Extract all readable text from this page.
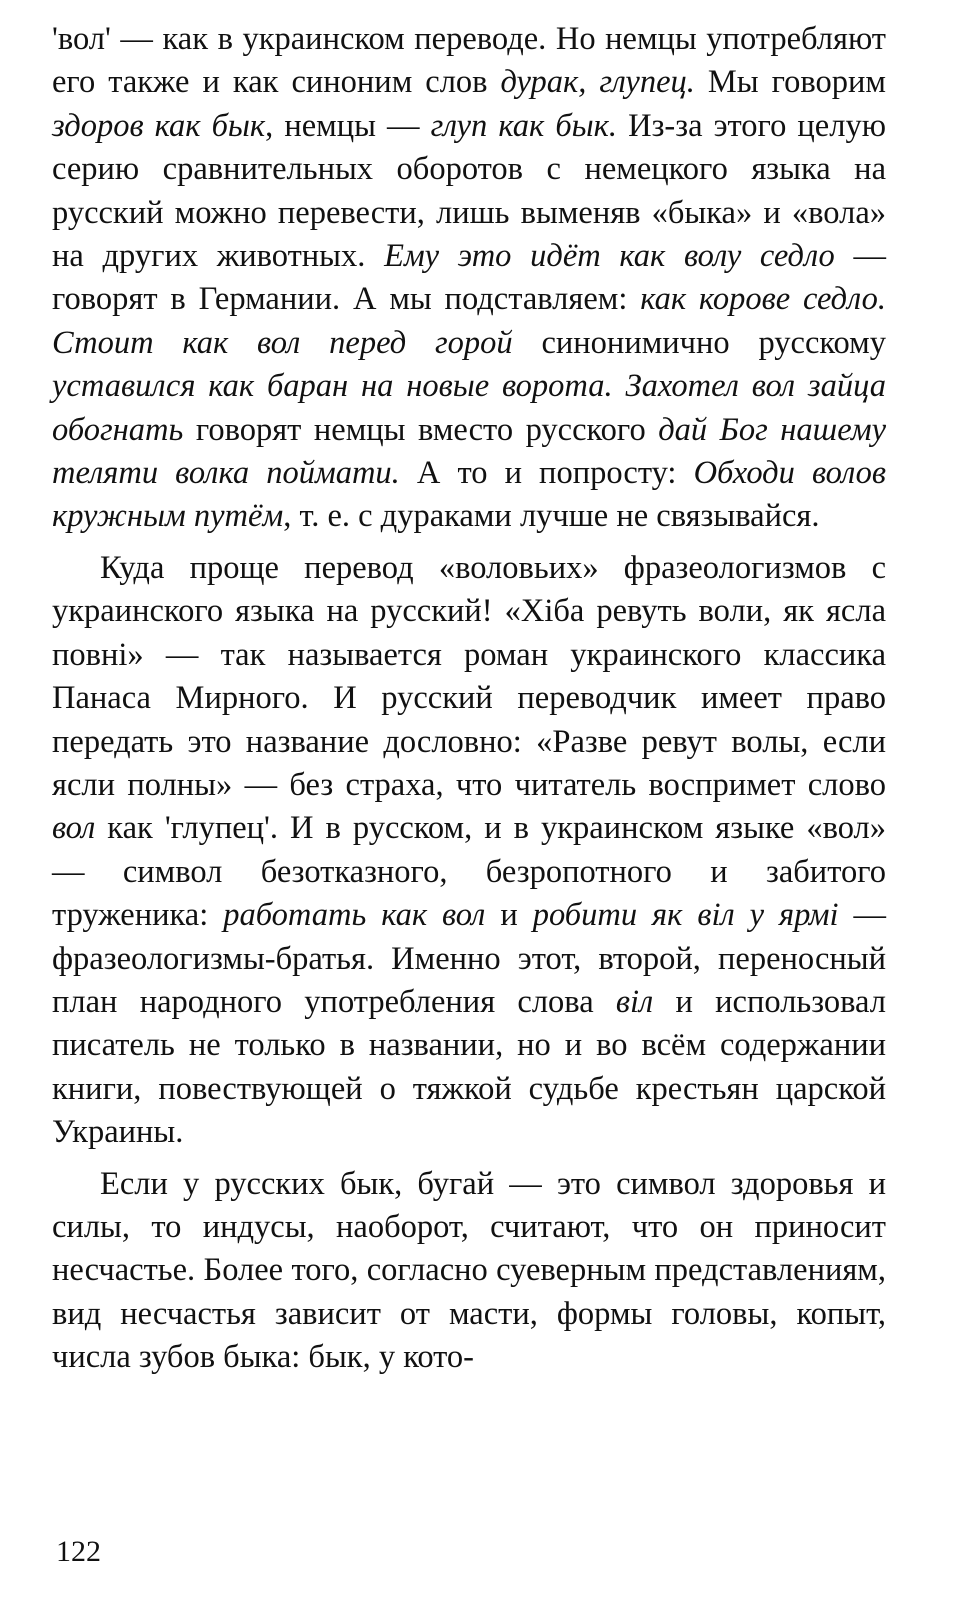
'вол' — как в украинском переводе. Но немцы употребляют его также и как синоним слов дурак, глупец. Мы говорим здоров как бык, немцы — глуп как бык. Из-за этого целую серию сравнительных оборотов с немецкого языка на русский можно перевести, лишь выменяв «быка» и «вола» на других животных. Ему это идёт как волу седло — говорят в Германии. А мы подставляем: как корове седло. Стоит как вол перед горой синонимично русскому уставился как баран на новые ворота. Захотел вол зайца обогнать говорят немцы вместо русского дай Бог нашему теляти волка поймати. А то и попросту: Обходи волов кружным путём, т. е. с дураками лучше не связывайся.

Куда проще перевод «воловьих» фразеологизмов с украинского языка на русский! «Хiба ревуть воли, як ясла повнi» — так называется роман украинского классика Панаса Мирного. И русский переводчик имеет право передать это название дословно: «Разве ревут волы, если ясли полны» — без страха, что читатель воспримет слово вол как 'глупец'. И в русском, и в украинском языке «вол» — символ безотказного, безропотного и забитого труженика: работать как вол и робити як вiл у ярмi — фразеологизмы-братья. Именно этот, второй, переносный план народного употребления слова вiл и использовал писатель не только в названии, но и во всём содержании книги, повествующей о тяжкой судьбе крестьян царской Украины.

Если у русских бык, бугай — это символ здоровья и силы, то индусы, наоборот, считают, что он приносит несчастье. Более того, согласно суеверным представлениям, вид несчастья зависит от масти, формы головы, копыт, числа зубов быка: бык, у кото-

122
